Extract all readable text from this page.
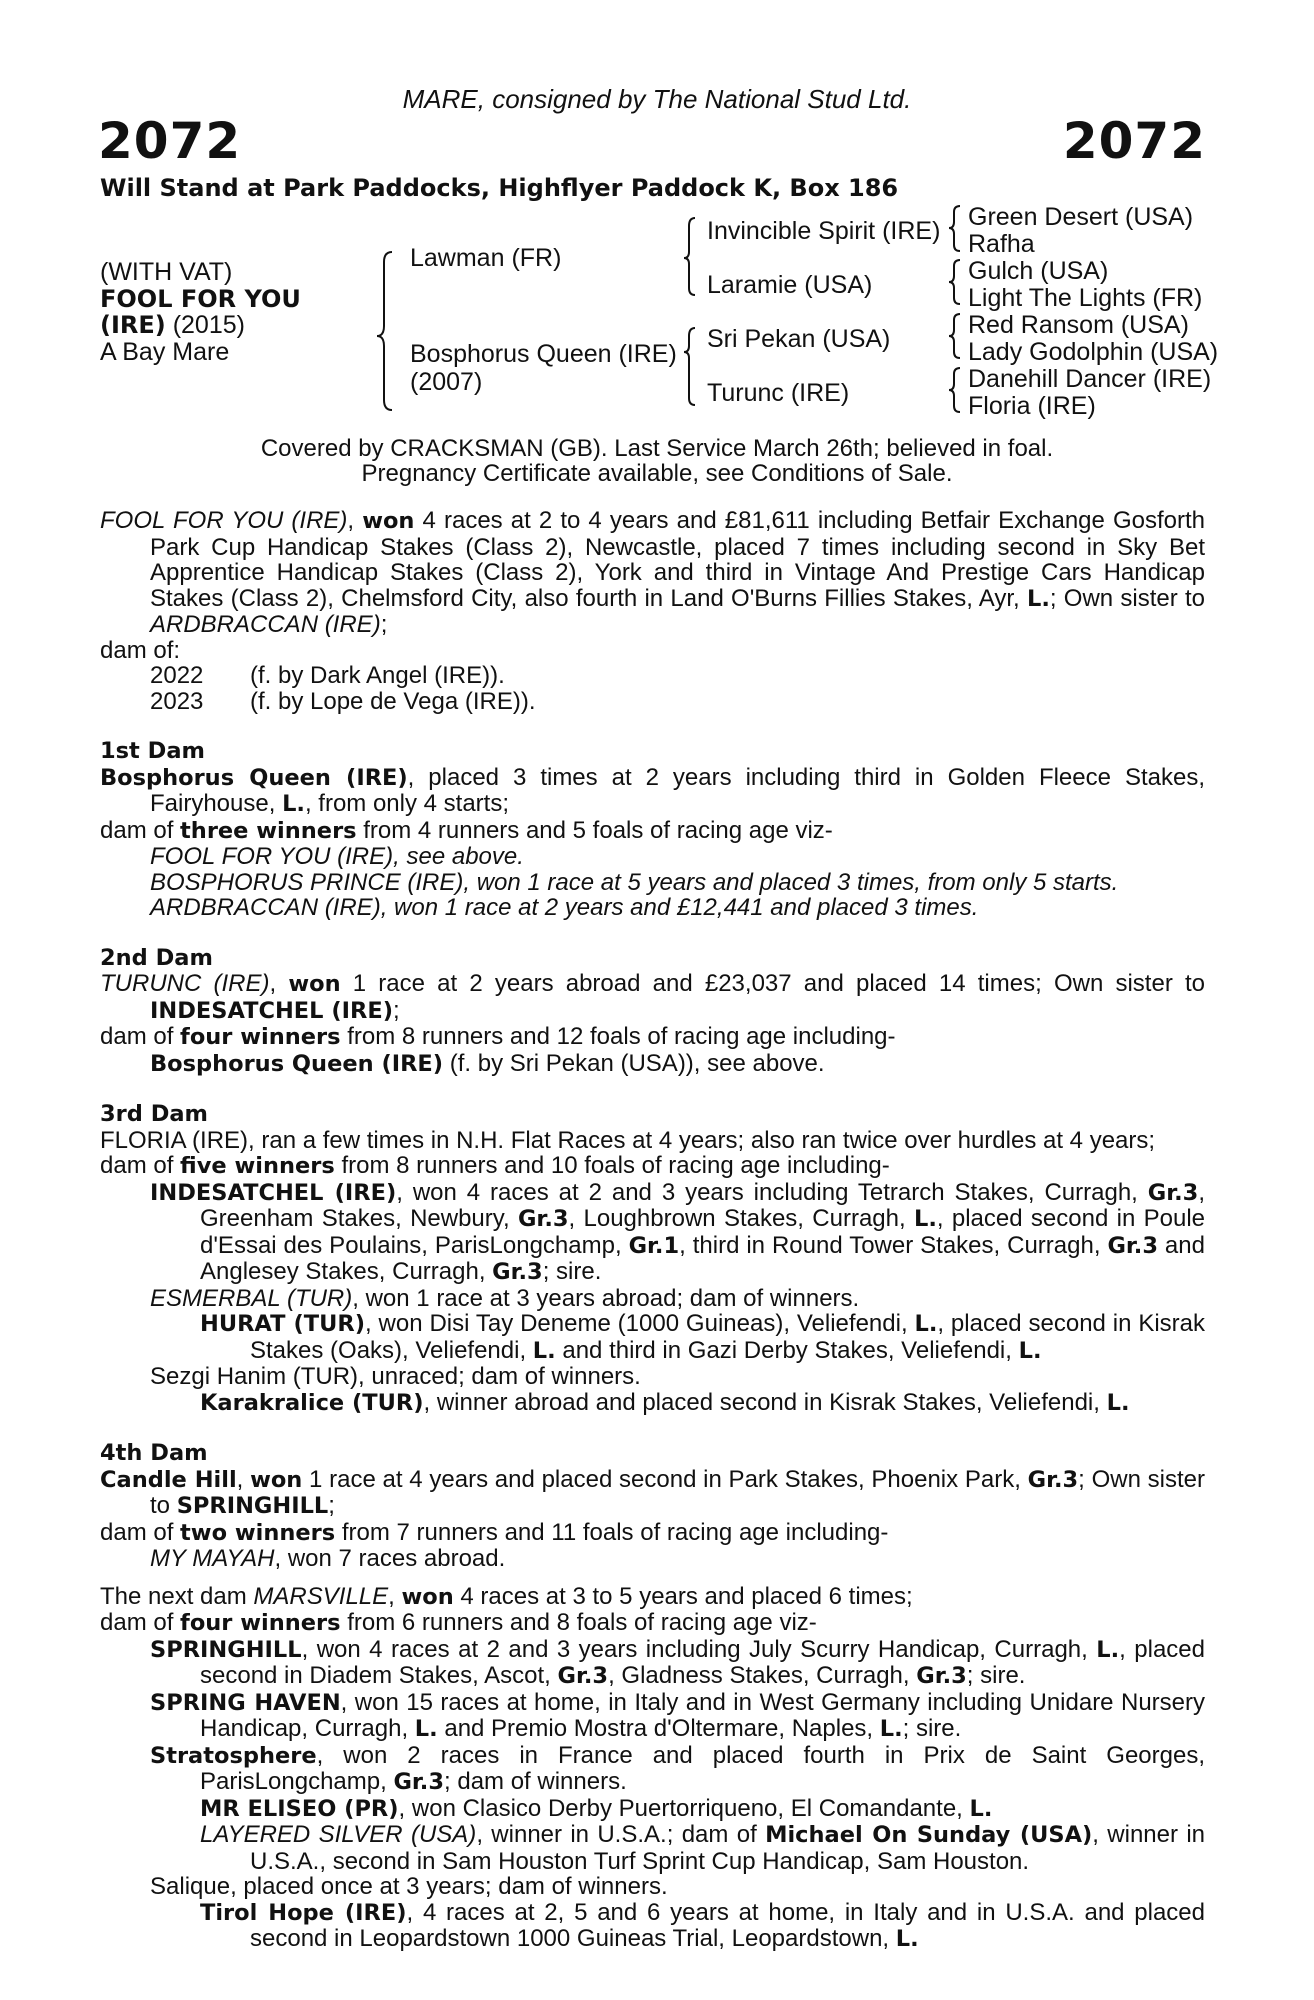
MARE, consigned by The National Stud Ltd.
2072	2072
Will Stand at Park Paddocks, Highflyer Paddock K, Box 186
(WITH VAT)
FOOL FOR YOU
(IRE) (2015)
A Bay Mare
Lawman (FR)
Bosphorus Queen (IRE)
(2007)
Invincible Spirit (IRE)
Laramie (USA)
Sri Pekan (USA)
Turunc (IRE)
Green Desert (USA)
Rafha
Gulch (USA)
Light The Lights (FR)
Red Ransom (USA)
Lady Godolphin (USA)
Danehill Dancer (IRE)
Floria (IRE)
Covered by CRACKSMAN (GB). Last Service March 26th; believed in foal.
Pregnancy Certificate available, see Conditions of Sale.

FOOL FOR YOU (IRE), won 4 races at 2 to 4 years and £81,611 including Betfair Exchange Gosforth Park Cup Handicap Stakes (Class 2), Newcastle, placed 7 times including second in Sky Bet Apprentice Handicap Stakes (Class 2), York and third in Vintage And Prestige Cars Handicap Stakes (Class 2), Chelmsford City, also fourth in Land O'Burns Fillies Stakes, Ayr, L.; Own sister to ARDBRACCAN (IRE);

dam of:

2022 (f. by Dark Angel (IRE)).

2023 (f. by Lope de Vega (IRE)).

1st Dam

Bosphorus Queen (IRE), placed 3 times at 2 years including third in Golden Fleece Stakes, Fairyhouse, L., from only 4 starts;

dam of three winners from 4 runners and 5 foals of racing age viz-

FOOL FOR YOU (IRE), see above.

BOSPHORUS PRINCE (IRE), won 1 race at 5 years and placed 3 times, from only 5 starts.

ARDBRACCAN (IRE), won 1 race at 2 years and £12,441 and placed 3 times.

2nd Dam

TURUNC (IRE), won 1 race at 2 years abroad and £23,037 and placed 14 times; Own sister to INDESATCHEL (IRE);

dam of four winners from 8 runners and 12 foals of racing age including-

Bosphorus Queen (IRE) (f. by Sri Pekan (USA)), see above.

3rd Dam

FLORIA (IRE), ran a few times in N.H. Flat Races at 4 years; also ran twice over hurdles at 4 years;

dam of five winners from 8 runners and 10 foals of racing age including-

INDESATCHEL (IRE), won 4 races at 2 and 3 years including Tetrarch Stakes, Curragh, Gr.3, Greenham Stakes, Newbury, Gr.3, Loughbrown Stakes, Curragh, L., placed second in Poule d'Essai des Poulains, ParisLongchamp, Gr.1, third in Round Tower Stakes, Curragh, Gr.3 and Anglesey Stakes, Curragh, Gr.3; sire.

ESMERBAL (TUR), won 1 race at 3 years abroad; dam of winners.

HURAT (TUR), won Disi Tay Deneme (1000 Guineas), Veliefendi, L., placed second in Kisrak Stakes (Oaks), Veliefendi, L. and third in Gazi Derby Stakes, Veliefendi, L.

Sezgi Hanim (TUR), unraced; dam of winners.

Karakralice (TUR), winner abroad and placed second in Kisrak Stakes, Veliefendi, L.

4th Dam

Candle Hill, won 1 race at 4 years and placed second in Park Stakes, Phoenix Park, Gr.3; Own sister to SPRINGHILL;

dam of two winners from 7 runners and 11 foals of racing age including-

MY MAYAH, won 7 races abroad.

The next dam MARSVILLE, won 4 races at 3 to 5 years and placed 6 times;

dam of four winners from 6 runners and 8 foals of racing age viz-

SPRINGHILL, won 4 races at 2 and 3 years including July Scurry Handicap, Curragh, L., placed second in Diadem Stakes, Ascot, Gr.3, Gladness Stakes, Curragh, Gr.3; sire.

SPRING HAVEN, won 15 races at home, in Italy and in West Germany including Unidare Nursery Handicap, Curragh, L. and Premio Mostra d'Oltermare, Naples, L.; sire.

Stratosphere, won 2 races in France and placed fourth in Prix de Saint Georges, ParisLongchamp, Gr.3; dam of winners.

MR ELISEO (PR), won Clasico Derby Puertorriqueno, El Comandante, L.

LAYERED SILVER (USA), winner in U.S.A.; dam of Michael On Sunday (USA), winner in U.S.A., second in Sam Houston Turf Sprint Cup Handicap, Sam Houston.

Salique, placed once at 3 years; dam of winners.

Tirol Hope (IRE), 4 races at 2, 5 and 6 years at home, in Italy and in U.S.A. and placed second in Leopardstown 1000 Guineas Trial, Leopardstown, L.
